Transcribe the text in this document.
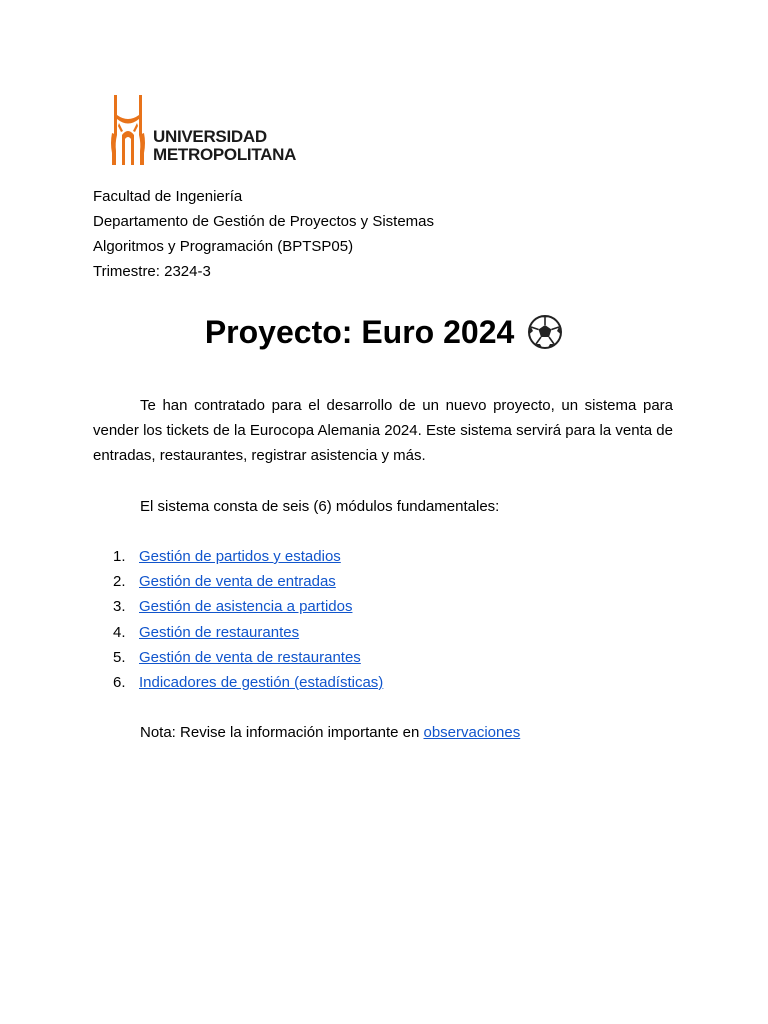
UNIVERSIDAD
METROPOLITANA
Facultad de Ingeniería
Departamento de Gestión de Proyectos y Sistemas
Algoritmos y Programación (BPTSP05)
Trimestre: 2324-3
Proyecto: Euro 2024
Te han contratado para el desarrollo de un nuevo proyecto, un sistema para vender los tickets de la Eurocopa Alemania 2024. Este sistema servirá para la venta de entradas, restaurantes, registrar asistencia y más.
El sistema consta de seis (6) módulos fundamentales:
1. Gestión de partidos y estadios
2. Gestión de venta de entradas
3. Gestión de asistencia a partidos
4. Gestión de restaurantes
5. Gestión de venta de restaurantes
6. Indicadores de gestión (estadísticas)
Nota: Revise la información importante en observaciones
